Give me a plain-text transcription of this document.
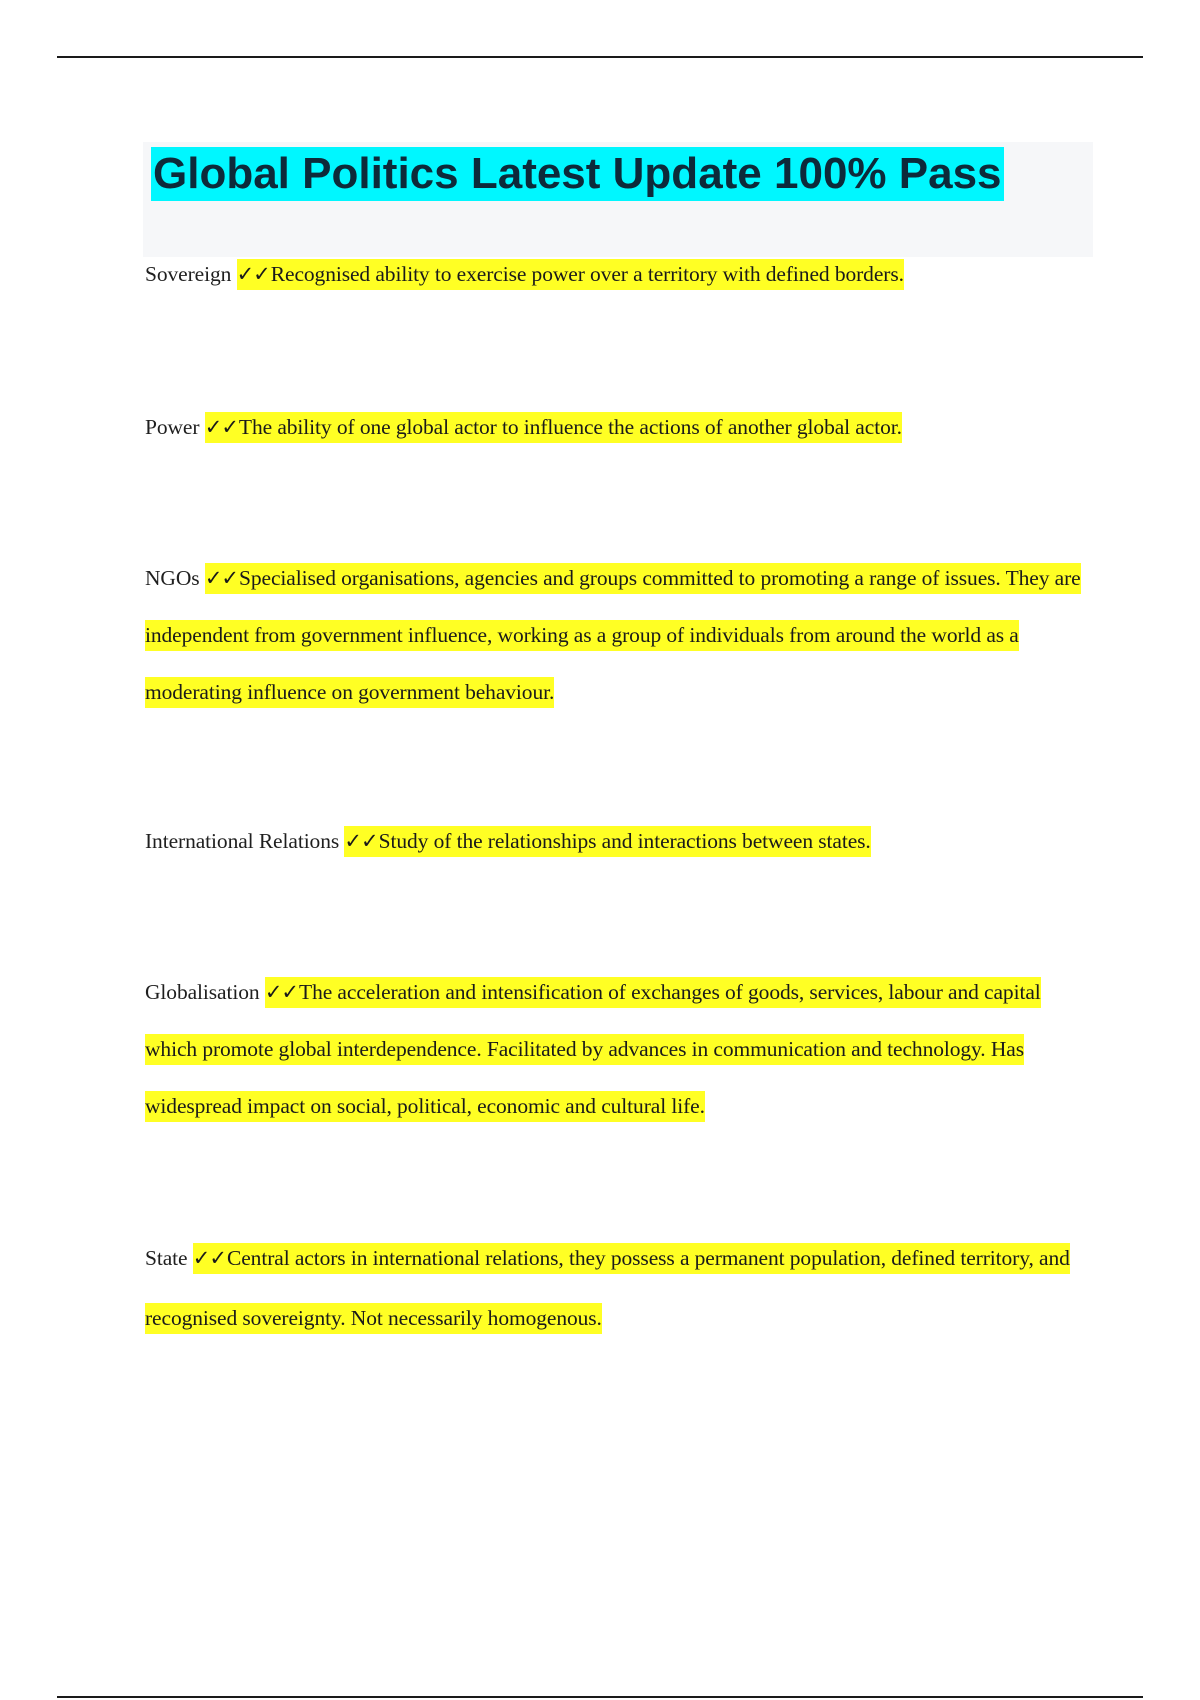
Global Politics Latest Update 100% Pass

Sovereign ✓✓Recognised ability to exercise power over a territory with defined borders.

Power ✓✓The ability of one global actor to influence the actions of another global actor.

NGOs ✓✓Specialised organisations, agencies and groups committed to promoting a range of issues. They are independent from government influence, working as a group of individuals from around the world as a moderating influence on government behaviour.

International Relations ✓✓Study of the relationships and interactions between states.

Globalisation ✓✓The acceleration and intensification of exchanges of goods, services, labour and capital which promote global interdependence. Facilitated by advances in communication and technology. Has widespread impact on social, political, economic and cultural life.

State ✓✓Central actors in international relations, they possess a permanent population, defined territory, and recognised sovereignty. Not necessarily homogenous.
